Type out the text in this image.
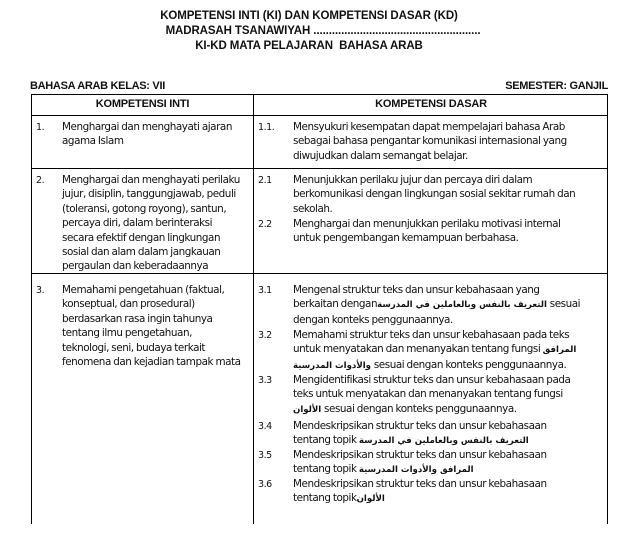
KOMPETENSI INTI (KI) DAN KOMPETENSI DASAR (KD)
MADRASAH TSANAWIYAH ......................................................
KI-KD MATA PELAJARAN  BAHASA ARAB
BAHASA ARAB KELAS: VII	SEMESTER: GANJIL
KOMPETENSI INTI	KOMPETENSI DASAR
1. Menghargai dan menghayati ajaran
agama Islam
1.1. Mensyukuri kesempatan dapat mempelajari bahasa Arab
sebagai bahasa pengantar komunikasi internasional yang
diwujudkan dalam semangat belajar.
2. Menghargai dan menghayati perilaku
jujur, disiplin, tanggungjawab, peduli
(toleransi, gotong royong), santun,
percaya diri, dalam berinteraksi
secara efektif dengan lingkungan
sosial dan alam dalam jangkauan
pergaulan dan keberadaannya
2.1 Menunjukkan perilaku jujur dan percaya diri dalam
berkomunikasi dengan lingkungan sosial sekitar rumah dan
sekolah.
2.2 Menghargai dan menunjukkan perilaku motivasi internal
untuk pengembangan kemampuan berbahasa.
3. Memahami pengetahuan (faktual,
konseptual, dan prosedural)
berdasarkan rasa ingin tahunya
tentang ilmu pengetahuan,
teknologi, seni, budaya terkait
fenomena dan kejadian tampak mata
3.1 Mengenal struktur teks dan unsur kebahasaan yang
berkaitan denganالتعريف بالنفس وبالعاملين في المدرسة sesuai
dengan konteks penggunaannya.
3.2 Memahami struktur teks dan unsur kebahasaan pada teks
untuk menyatakan dan menanyakan tentang fungsi المرافق
والأدوات المدرسية sesuai dengan konteks penggunaannya.
3.3 Mengidentifikasi struktur teks dan unsur kebahasaan pada
teks untuk menyatakan dan menanyakan tentang fungsi
الألوان sesuai dengan konteks penggunaannya.
3.4 Mendeskripsikan struktur teks dan unsur kebahasaan
tentang topik التعريف بالنفس وبالعاملين في المدرسة
3.5 Mendeskripsikan struktur teks dan unsur kebahasaan
tentang topik المرافق والأدوات المدرسية
3.6 Mendeskripsikan struktur teks dan unsur kebahasaan
tentang topikالألوان
